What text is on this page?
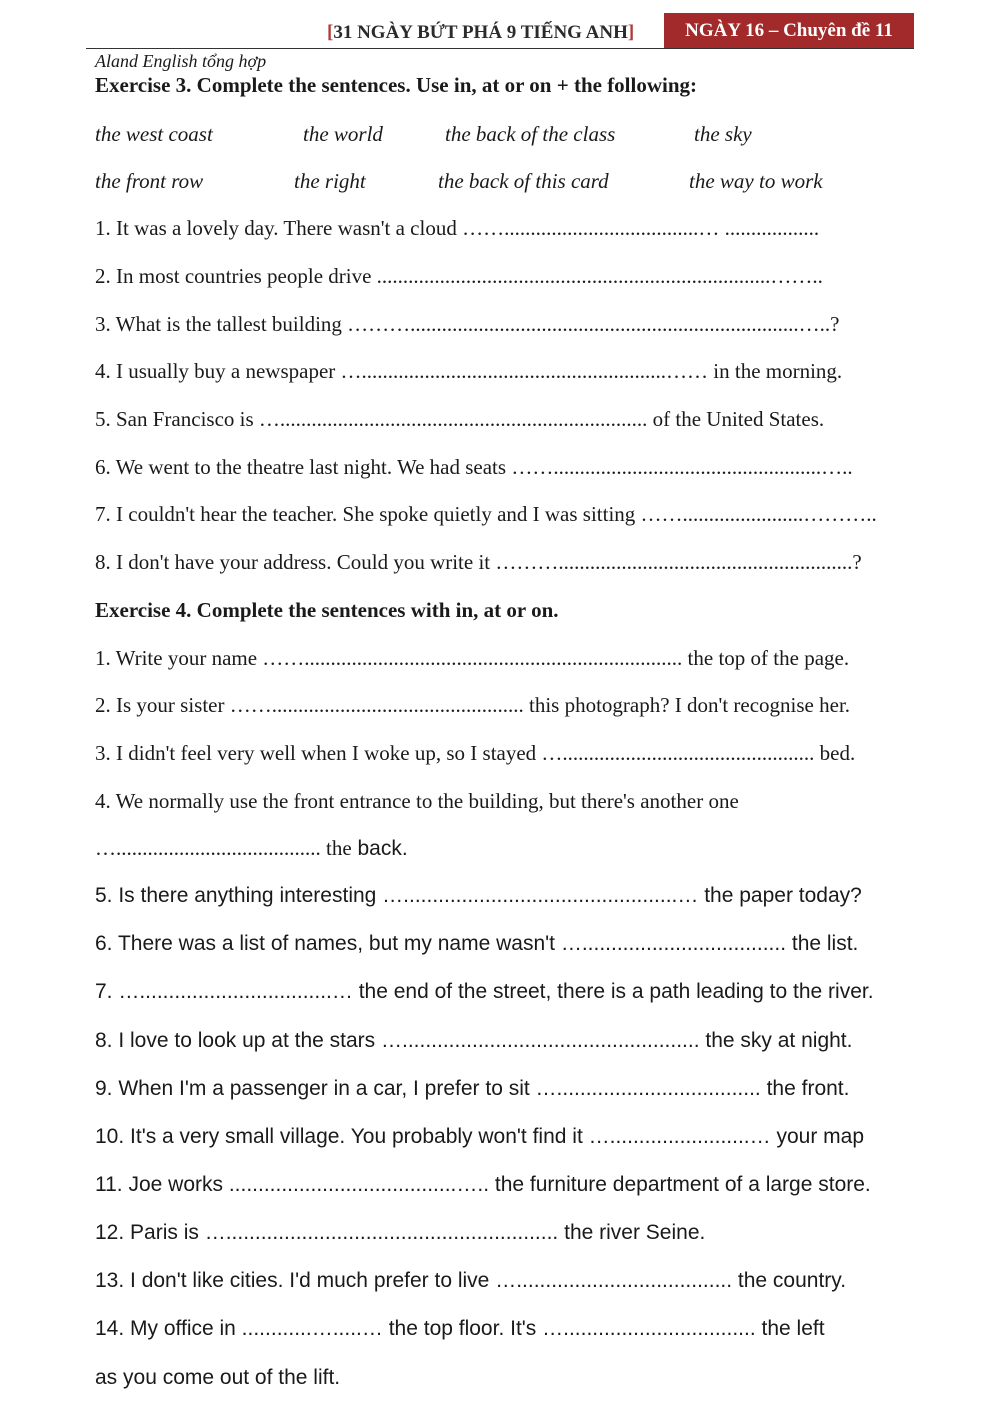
[31 NGÀY BỨT PHÁ 9 TIẾNG ANH]	NGÀY 16 – Chuyên đề 11
Aland English tổng hợp
Exercise 3. Complete the sentences. Use in, at or on + the following:
the west coast	the world	the back of the class	the sky
the front row	the right	the back of this card	the way to work
1. It was a lovely day. There wasn't a cloud …….....................................… ..................
2. In most countries people drive ...........................................................................……..
3. What is the tallest building ………..........................................................................…..?
4. I usually buy a newspaper …..........................................................…… in the morning.
5. San Francisco is …...................................................................... of the United States.
6. We went to the theatre last night. We had seats ……...................................................…..
7. I couldn't hear the teacher. She spoke quietly and I was sitting …….......................………..
8. I don't have your address. Could you write it ………........................................................?
Exercise 4. Complete the sentences with in, at or on.
1. Write your name ……........................................................................ the top of the page.
2. Is your sister ……................................................ this photograph? I don't recognise her.
3. I didn't feel very well when I woke up, so I stayed …................................................ bed.
4. We normally use the front entrance to the building, but there's another one
…....................................... the back.
5. Is there anything interesting …...............................................… the paper today?
6. There was a list of names, but my name wasn't …................................... the list.
7. ….................................… the end of the street, there is a path leading to the river.
8. I love to look up at the stars …................................................... the sky at night.
9. When I'm a passenger in a car, I prefer to sit …................................... the front.
10. It's a very small village. You probably won't find it …........................… your map
11. Joe works .......................................….. the furniture department of a large store.
12. Paris is …......................................................... the river Seine.
13. I don't like cities. I'd much prefer to live …..................................... the country.
14. My office in ............….....… the top floor. It's …................................. the left
as you come out of the lift.
